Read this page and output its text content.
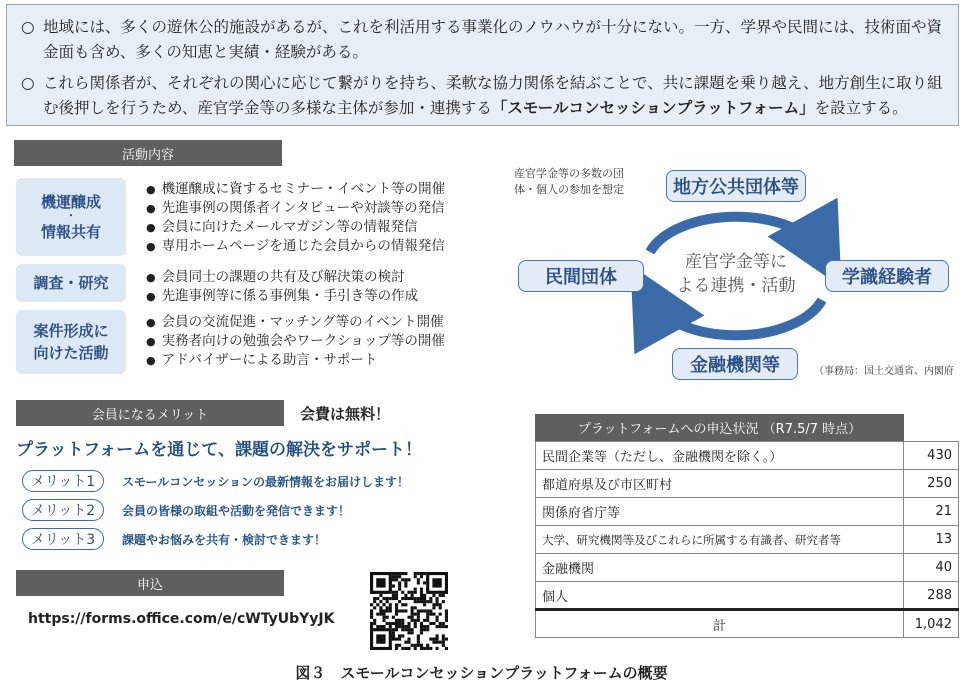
○ 地域には、多くの遊休公的施設があるが、これを利活用する事業化のノウハウが十分にない。一方、学界や民間には、技術面や資金面も含め、多くの知恵と実績・経験がある。
○ これら関係者が、それぞれの関心に応じて繋がりを持ち、柔軟な協力関係を結ぶことで、共に課題を乗り越え、地方創生に取り組む後押しを行うため、産官学金等の多様な主体が参加・連携する「スモールコンセッションプラットフォーム」を設立する。
活動内容
機運醸成
・
情報共有
● 機運醸成に資するセミナー・イベント等の開催
● 先進事例の関係者インタビューや対談等の発信
● 会員に向けたメールマガジン等の情報発信
● 専用ホームページを通じた会員からの情報発信
調査・研究	● 会員同士の課題の共有及び解決策の検討
● 先進事例等に係る事例集・手引き等の作成
案件形成に
向けた活動
● 会員の交流促進・マッチング等のイベント開催
● 実務者向けの勉強会やワークショップ等の開催
● アドバイザーによる助言・サポート
産官学金等の多数の団
体・個人の参加を想定	地方公共団体等
民間団体	学識経験者
金融機関等
産官学金等に
よる連携・活動
（事務局：国土交通省、内閣府
会員になるメリット	会費は無料！
プラットフォームを通じて、課題の解決をサポート！
メリット1	スモールコンセッションの最新情報をお届けします！
メリット2	会員の皆様の取組や活動を発信できます！
メリット3	課題やお悩みを共有・検討できます！
申込
https://forms.office.com/e/cWTyUbYyJK
プラットフォームへの申込状況 （R7.5/7 時点）
民間企業等（ただし、金融機関を除く。）	430
都道府県及び市区町村	250
関係府省庁等	21
大学、研究機関等及びこれらに所属する有識者、研究者等	13
金融機関	40
個人	288
計	1,042
図３　スモールコンセッションプラットフォームの概要
